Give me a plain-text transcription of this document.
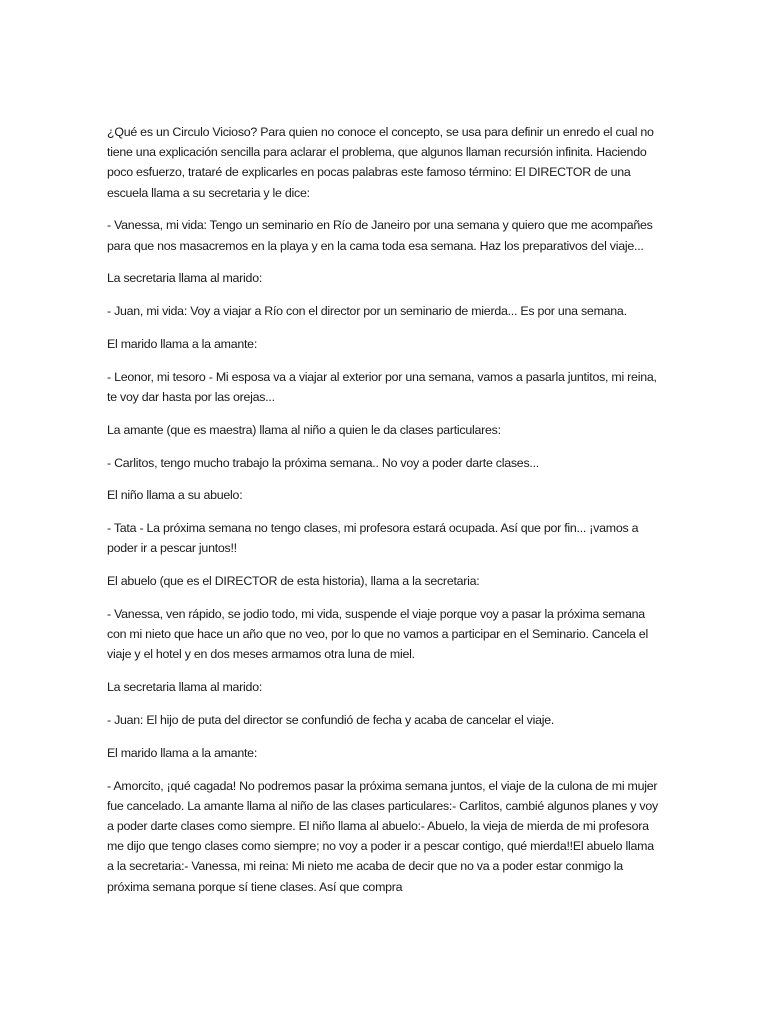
¿Qué es un Circulo Vicioso? Para quien no conoce el concepto, se usa para definir un enredo el cual no tiene una explicación sencilla para aclarar el problema, que algunos llaman recursión infinita. Haciendo poco esfuerzo, trataré de explicarles en pocas palabras este famoso término: El DIRECTOR de una escuela llama a su secretaria y le dice:

- Vanessa, mi vida: Tengo un seminario en Río de Janeiro por una semana y quiero que me acompañes para que nos masacremos en la playa y en la cama toda esa semana. Haz los preparativos del viaje...

La secretaria llama al marido:

- Juan, mi vida: Voy a viajar a Río con el director por un seminario de mierda... Es por una semana.

El marido llama a la amante:

- Leonor, mi tesoro - Mi esposa va a viajar al exterior por una semana, vamos a pasarla juntitos, mi reina, te voy dar hasta por las orejas...

La amante (que es maestra) llama al niño a quien le da clases particulares:

- Carlitos, tengo mucho trabajo la próxima semana.. No voy a poder darte clases...

El niño llama a su abuelo:

- Tata - La próxima semana no tengo clases, mi profesora estará ocupada. Así que por fin... ¡vamos a poder ir a pescar juntos!!

El abuelo (que es el DIRECTOR de esta historia), llama a la secretaria:

- Vanessa, ven rápido, se jodio todo, mi vida, suspende el viaje porque voy a pasar la próxima semana con mi nieto que hace un año que no veo, por lo que no vamos a participar en el Seminario. Cancela el viaje y el hotel y en dos meses armamos otra luna de miel.

La secretaria llama al marido:

- Juan: El hijo de puta del director se confundió de fecha y acaba de cancelar el viaje.

El marido llama a la amante:

- Amorcito, ¡qué cagada! No podremos pasar la próxima semana juntos, el viaje de la culona de mi mujer fue cancelado. La amante llama al niño de las clases particulares:- Carlitos, cambié algunos planes y voy a poder darte clases como siempre. El niño llama al abuelo:- Abuelo, la vieja de mierda de mi profesora me dijo que tengo clases como siempre; no voy a poder ir a pescar contigo, qué mierda!!El abuelo llama a la secretaria:- Vanessa, mi reina: Mi nieto me acaba de decir que no va a poder estar conmigo la próxima semana porque sí tiene clases. Así que compra
